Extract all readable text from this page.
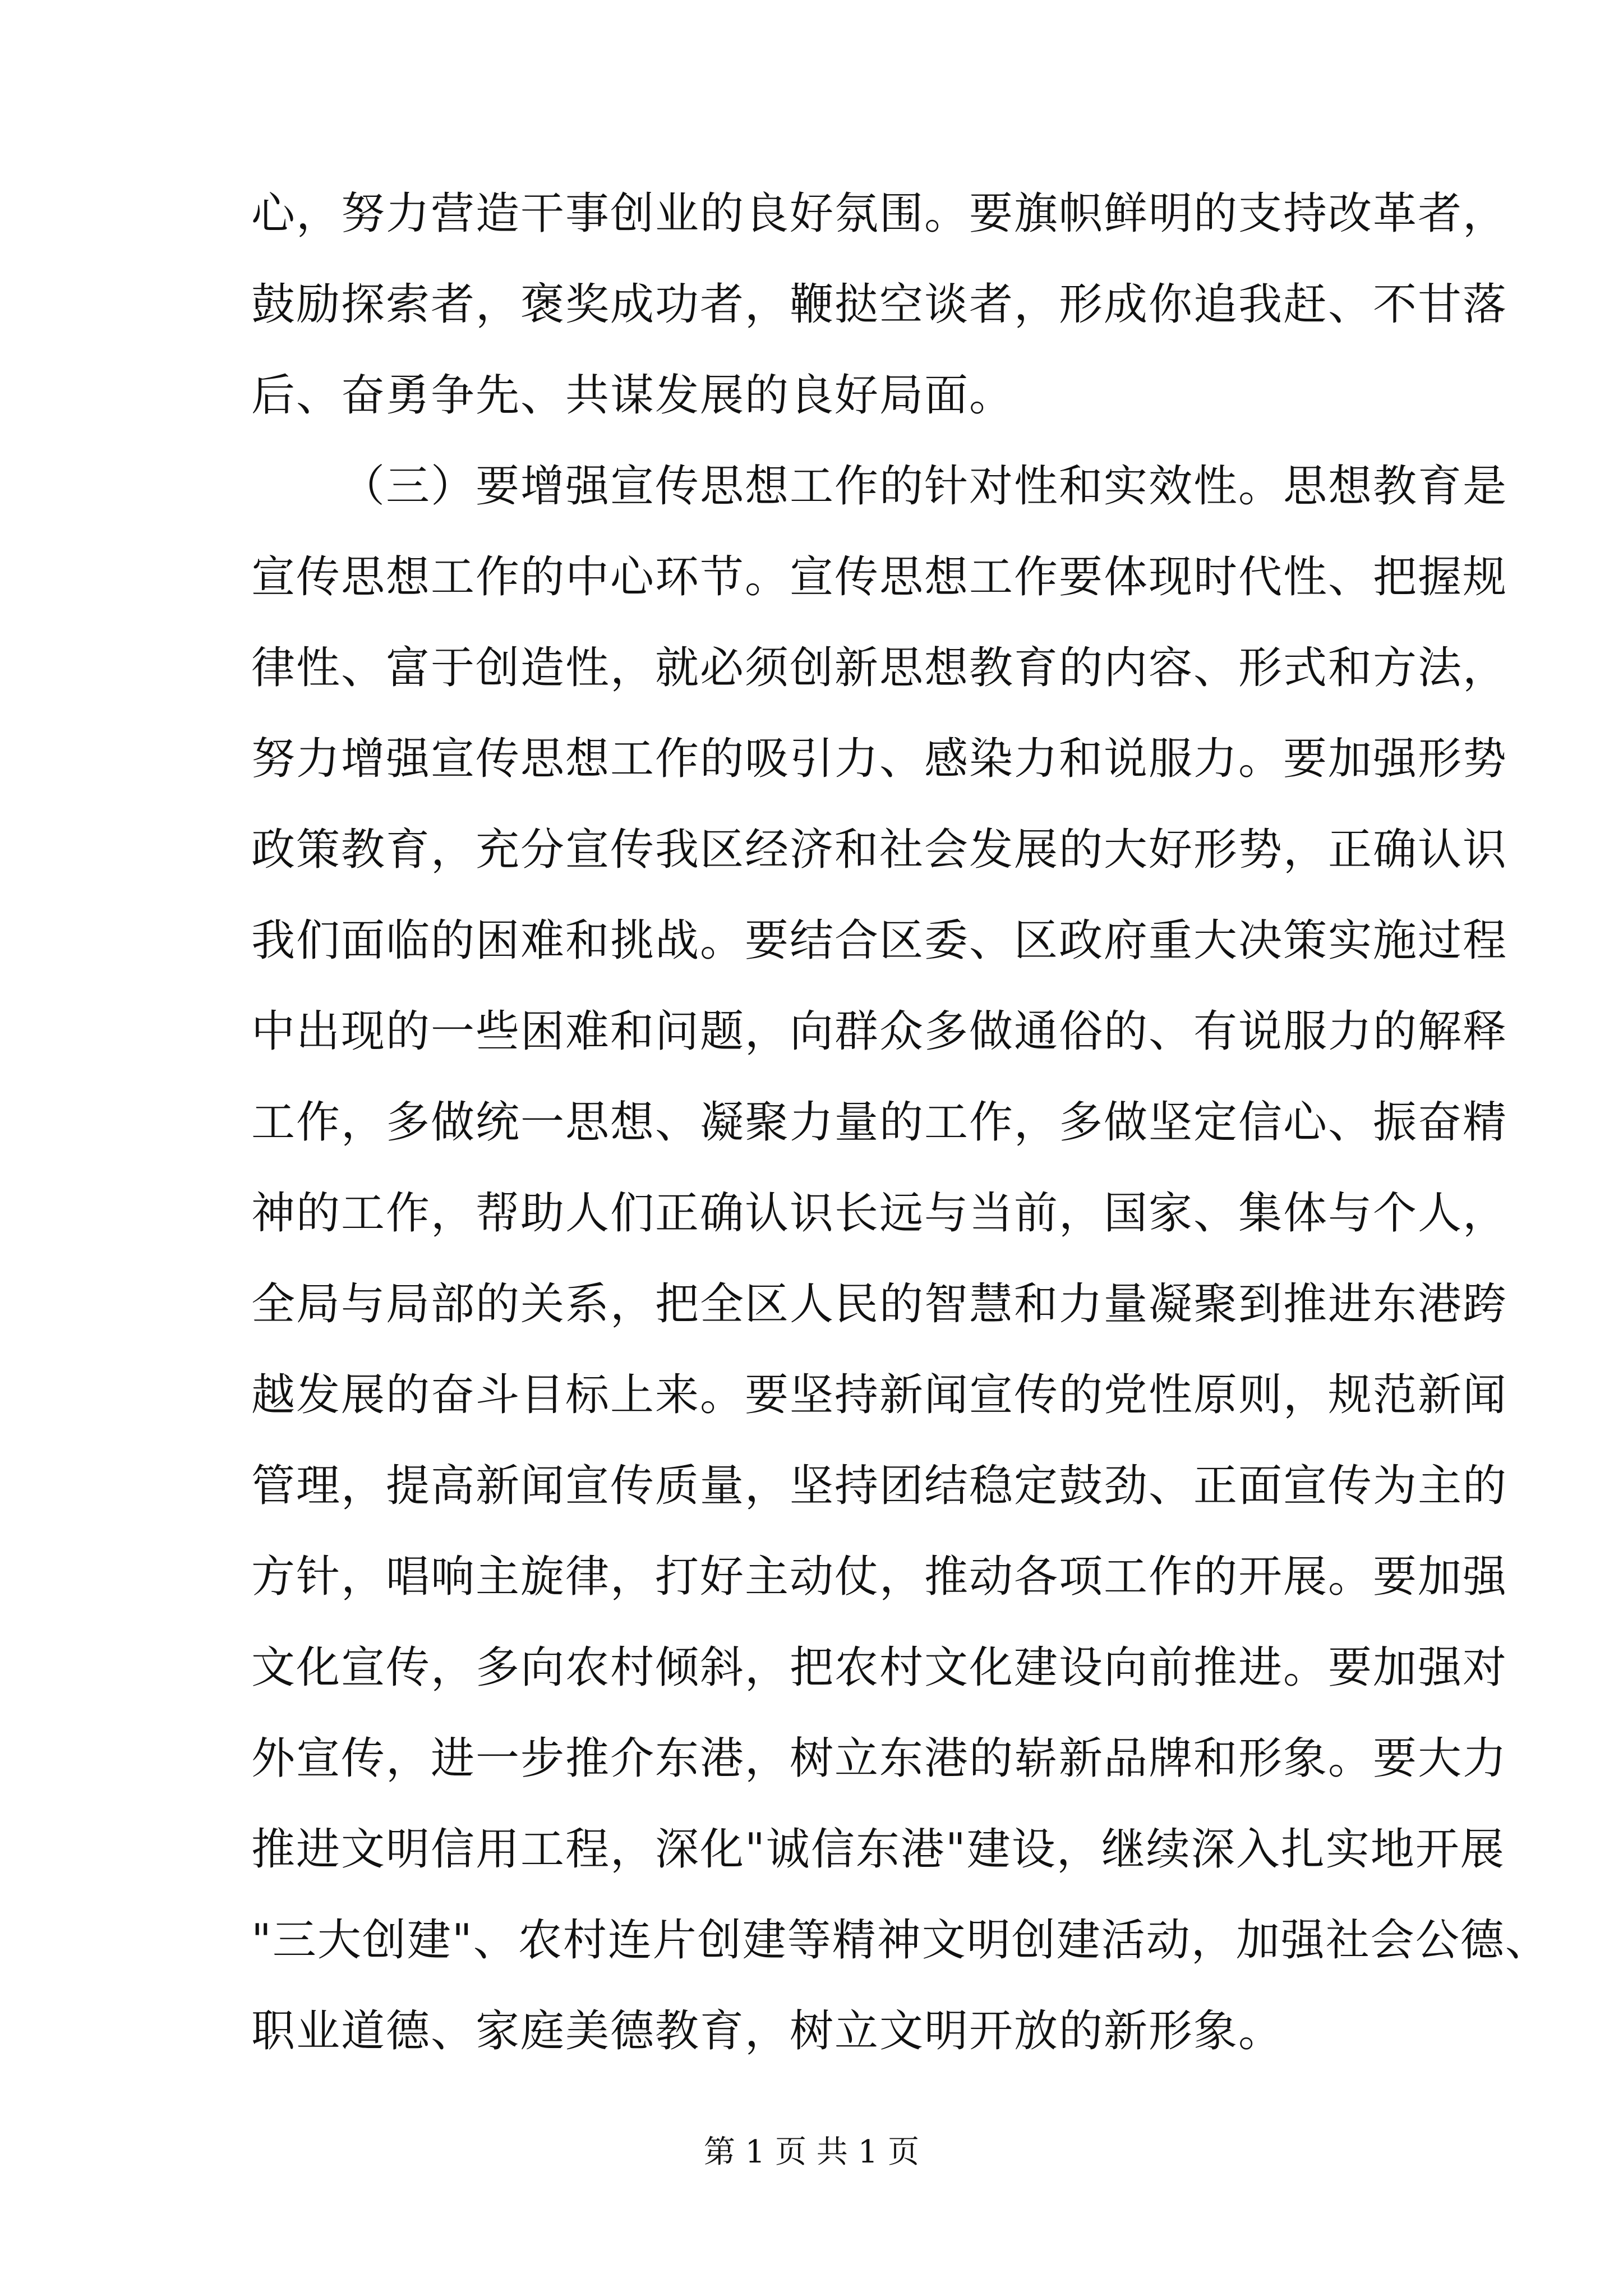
心，努力营造干事创业的良好氛围。要旗帜鲜明的支持改革者，
鼓励探索者，褒奖成功者，鞭挞空谈者，形成你追我赶、不甘落
后、奋勇争先、共谋发展的良好局面。
（三）要增强宣传思想工作的针对性和实效性。思想教育是
宣传思想工作的中心环节。宣传思想工作要体现时代性、把握规
律性、富于创造性，就必须创新思想教育的内容、形式和方法，
努力增强宣传思想工作的吸引力、感染力和说服力。要加强形势
政策教育，充分宣传我区经济和社会发展的大好形势，正确认识
我们面临的困难和挑战。要结合区委、区政府重大决策实施过程
中出现的一些困难和问题，向群众多做通俗的、有说服力的解释
工作，多做统一思想、凝聚力量的工作，多做坚定信心、振奋精
神的工作，帮助人们正确认识长远与当前，国家、集体与个人，
全局与局部的关系，把全区人民的智慧和力量凝聚到推进东港跨
越发展的奋斗目标上来。要坚持新闻宣传的党性原则，规范新闻
管理，提高新闻宣传质量，坚持团结稳定鼓劲、正面宣传为主的
方针，唱响主旋律，打好主动仗，推动各项工作的开展。要加强
文化宣传，多向农村倾斜，把农村文化建设向前推进。要加强对
外宣传，进一步推介东港，树立东港的崭新品牌和形象。要大力
推进文明信用工程，深化"诚信东港"建设，继续深入扎实地开展
"三大创建"、农村连片创建等精神文明创建活动，加强社会公德、
职业道德、家庭美德教育，树立文明开放的新形象。
第 1 页 共 1 页
